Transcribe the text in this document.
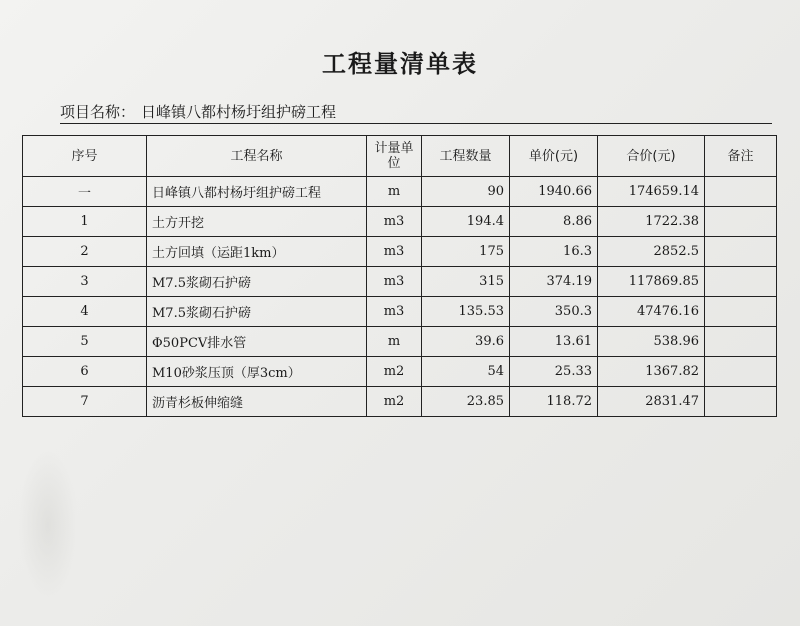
工程量清单表
项目名称： 日峰镇八都村杨圩组护磅工程
序号	工程名称	计量单位	工程数量	单价(元)	合价(元)	备注
一	日峰镇八都村杨圩组护磅工程	m	90	1940.66	174659.14	
1	土方开挖	m3	194.4	8.86	1722.38	
2	土方回填（运距1km）	m3	175	16.3	2852.5	
3	M7.5浆砌石护磅	m3	315	374.19	117869.85	
4	M7.5浆砌石护磅	m3	135.53	350.3	47476.16	
5	Φ50PCV排水管	m	39.6	13.61	538.96	
6	M10砂浆压顶（厚3cm）	m2	54	25.33	1367.82	
7	沥青杉板伸缩缝	m2	23.85	118.72	2831.47	
